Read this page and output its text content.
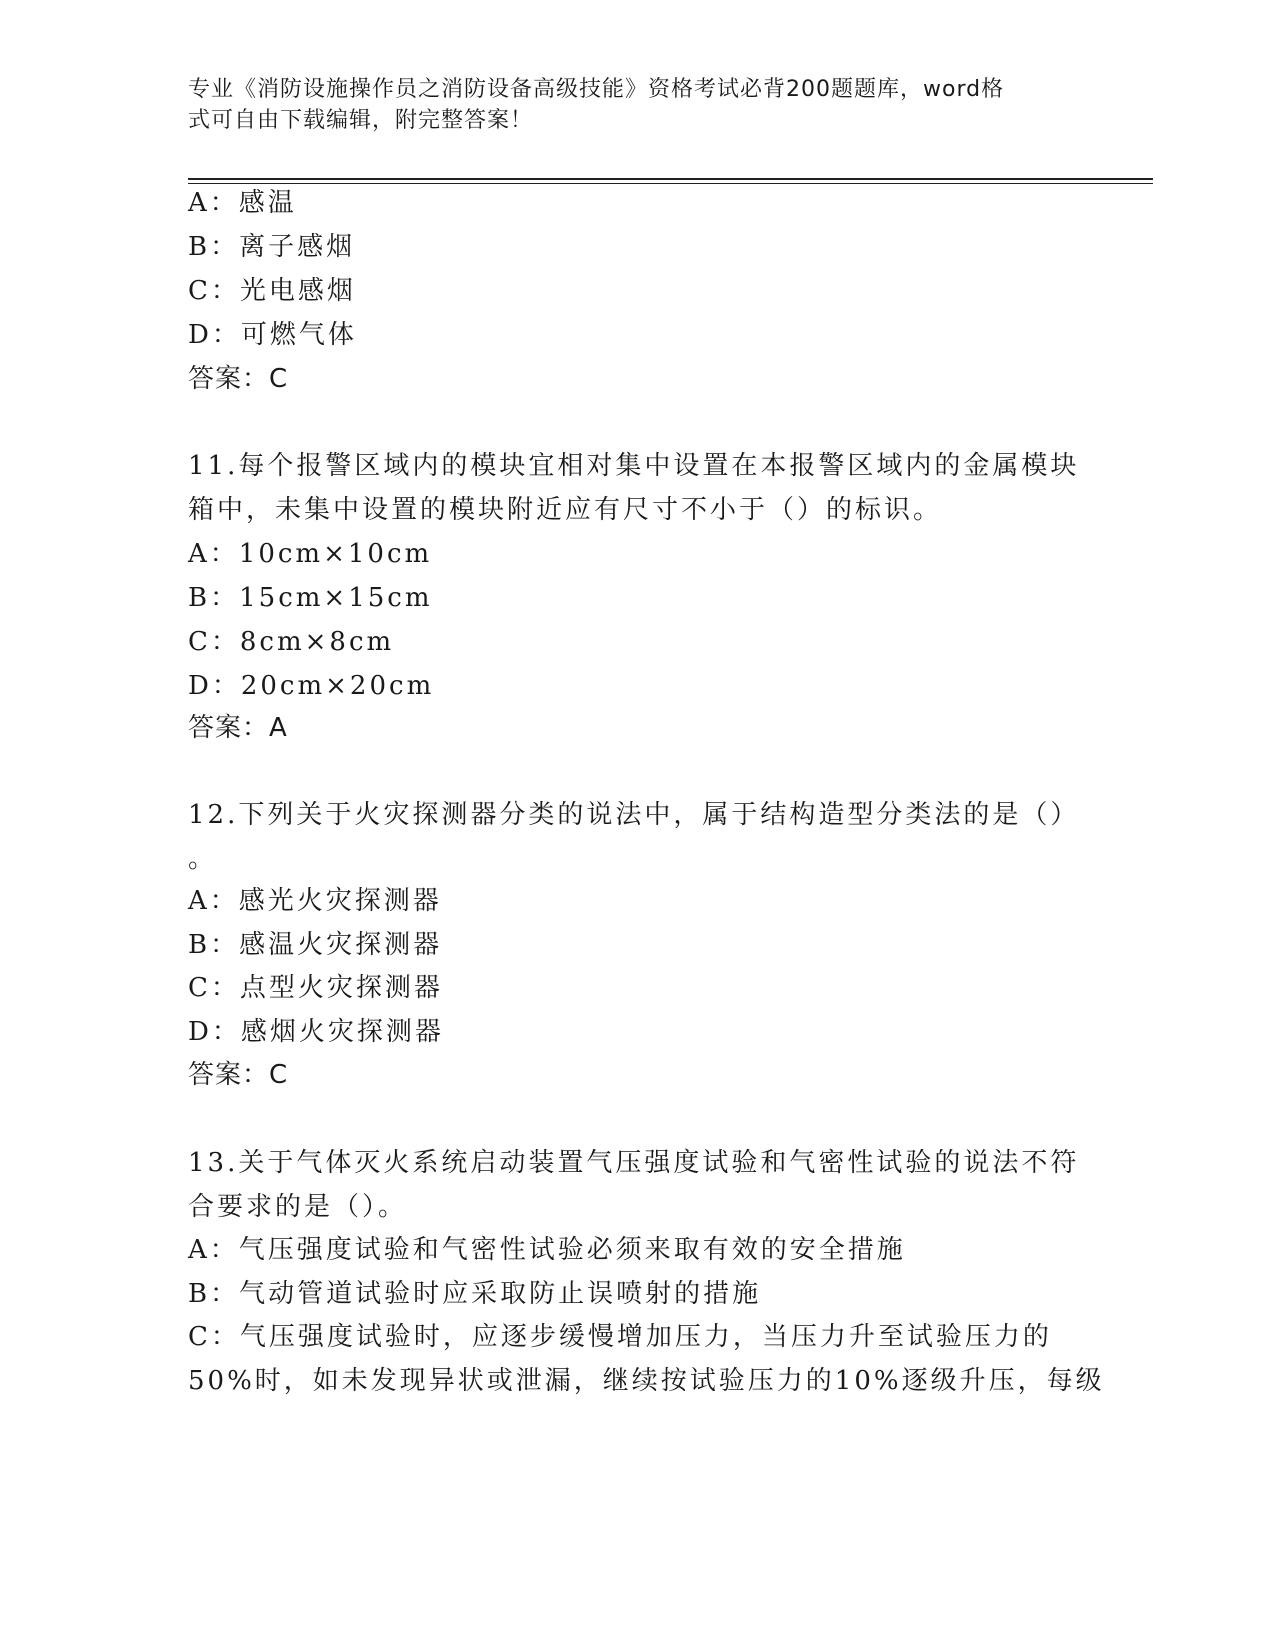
专业《消防设施操作员之消防设备高级技能》资格考试必背200题题库，word格
式可自由下载编辑，附完整答案！
A：感温
B：离子感烟
C：光电感烟
D：可燃气体
答案：C
11.每个报警区域内的模块宜相对集中设置在本报警区域内的金属模块
箱中，未集中设置的模块附近应有尺寸不小于（）的标识。
A：10cm×10cm
B：15cm×15cm
C：8cm×8cm
D：20cm×20cm
答案：A
12.下列关于火灾探测器分类的说法中，属于结构造型分类法的是（）
。
A：感光火灾探测器
B：感温火灾探测器
C：点型火灾探测器
D：感烟火灾探测器
答案：C
13.关于气体灭火系统启动装置气压强度试验和气密性试验的说法不符
合要求的是（）。
A：气压强度试验和气密性试验必须来取有效的安全措施
B：气动管道试验时应采取防止误喷射的措施
C：气压强度试验时，应逐步缓慢增加压力，当压力升至试验压力的
50%时，如未发现异状或泄漏，继续按试验压力的10%逐级升压，每级
